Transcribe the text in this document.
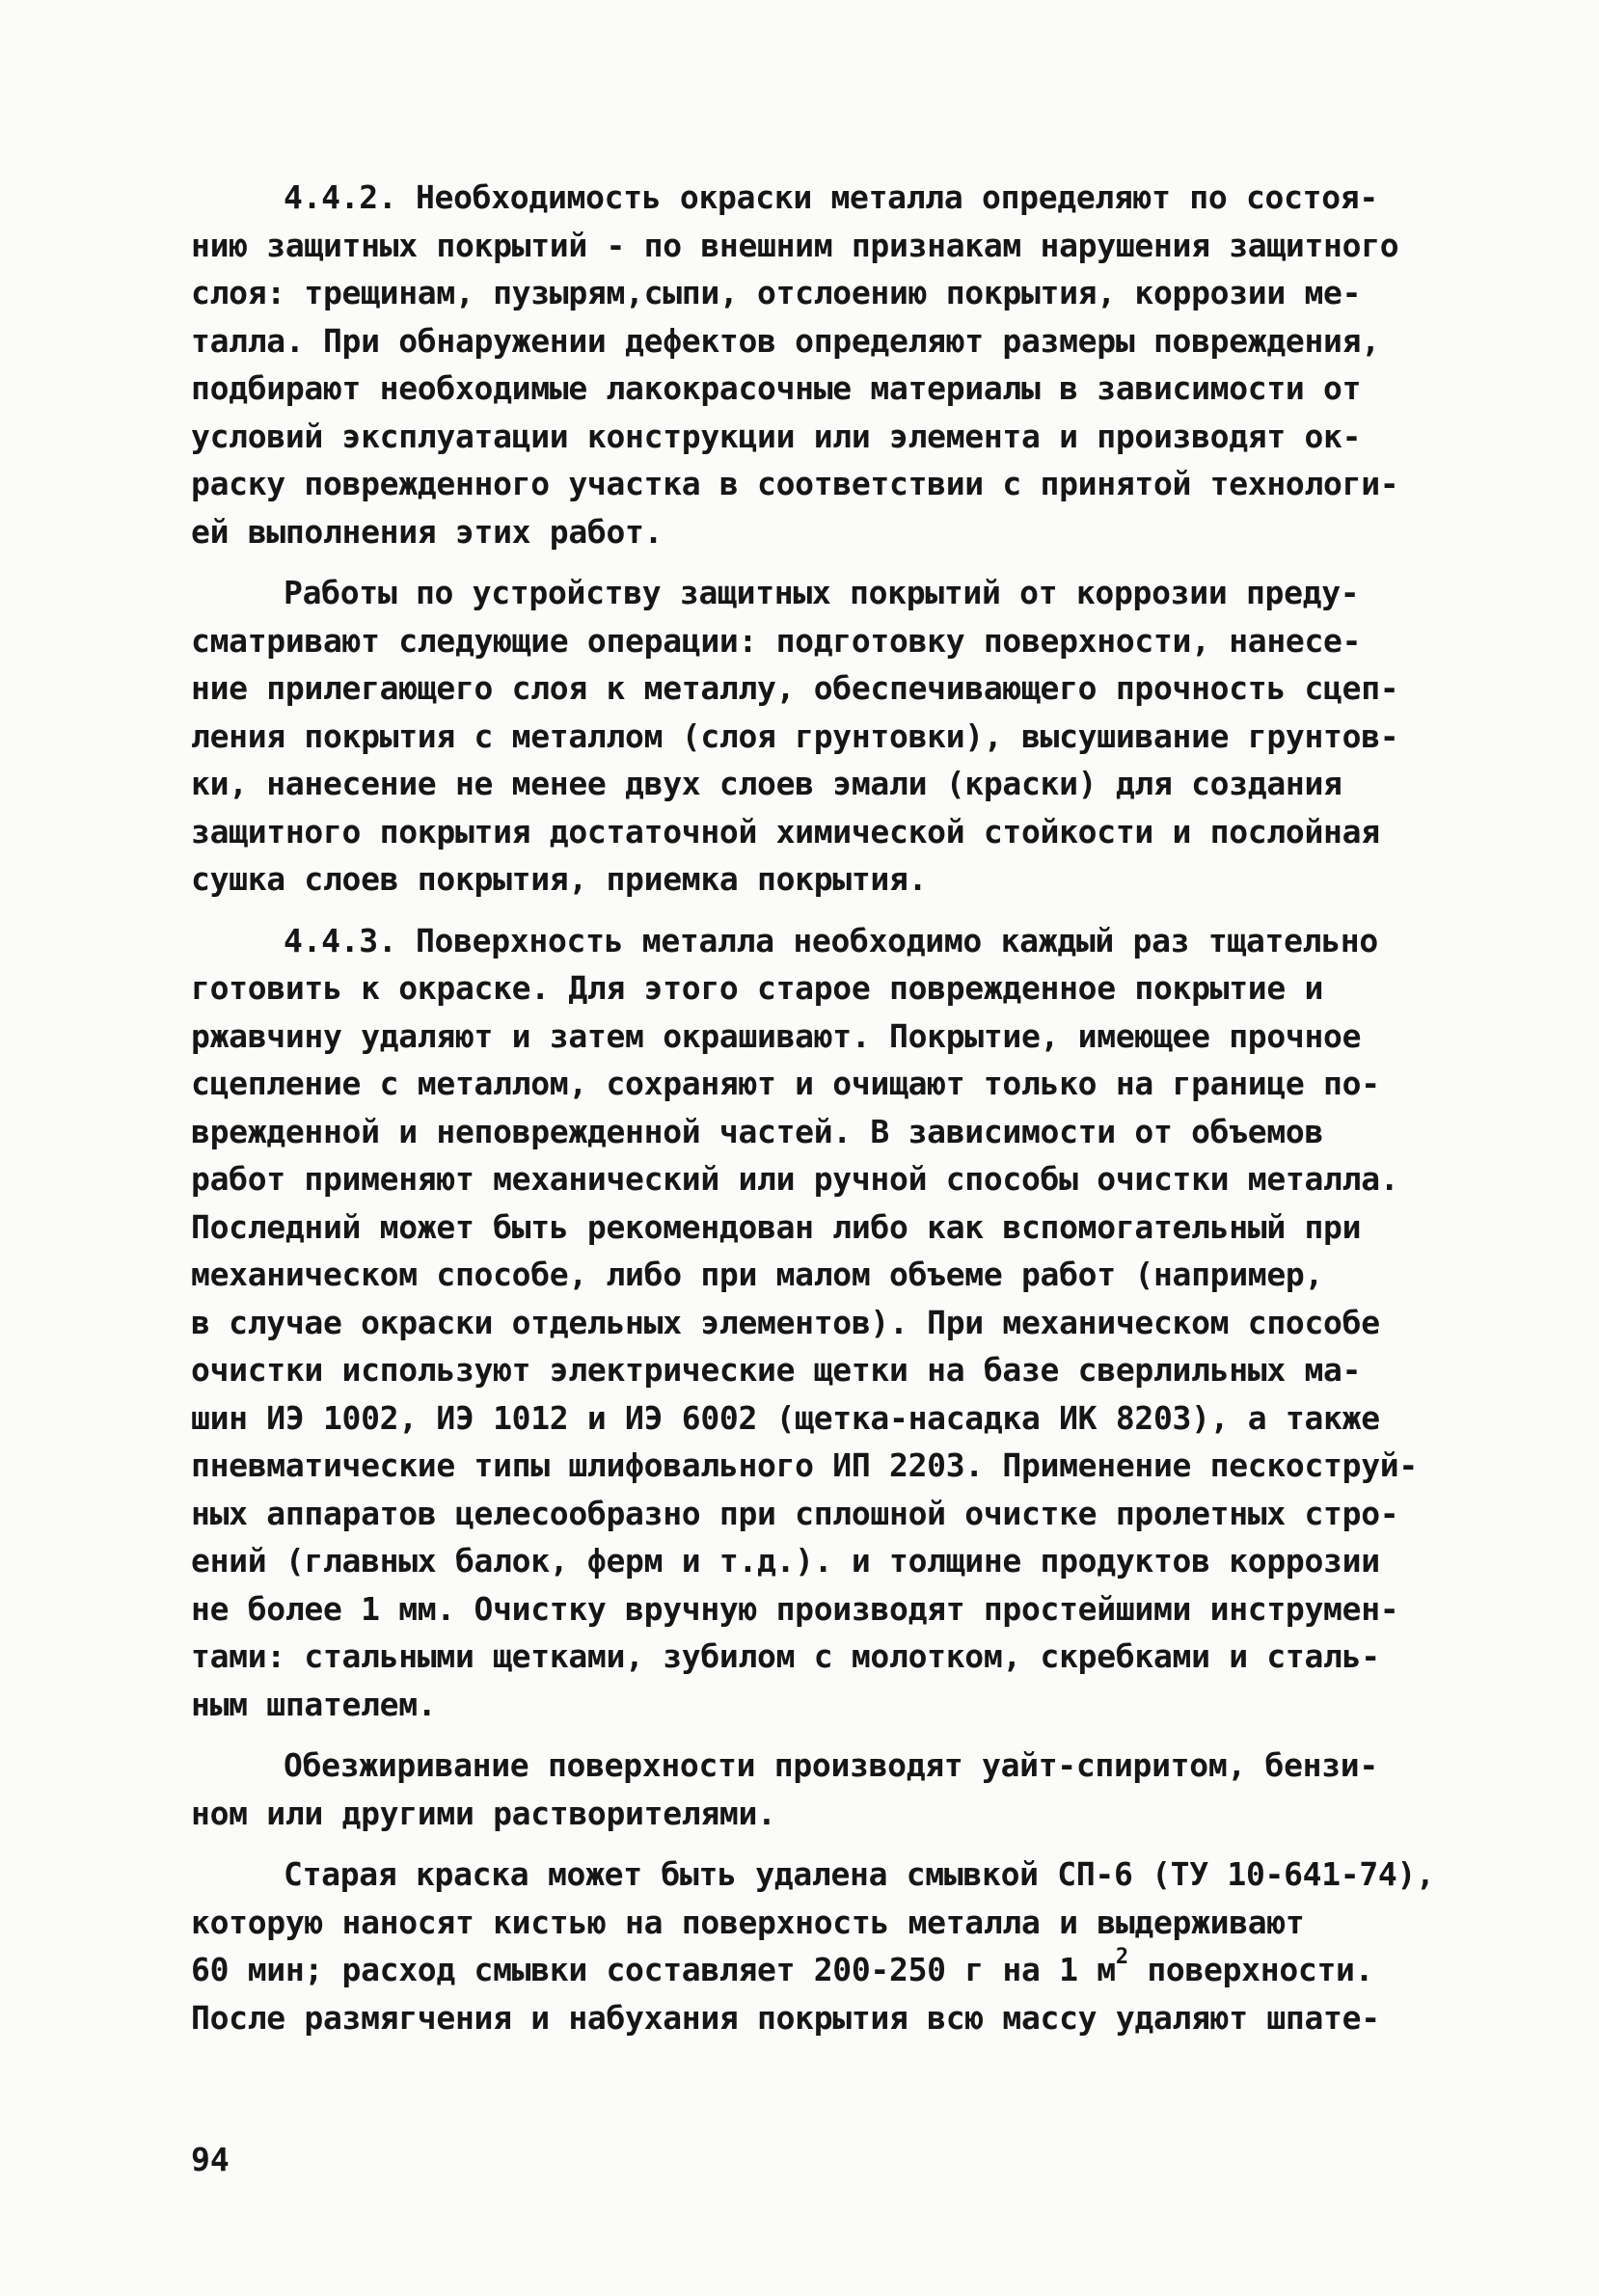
4.4.2. Необходимость окраски металла определяют по состоя-
нию защитных покрытий - по внешним признакам нарушения защитного
слоя: трещинам, пузырям,сыпи, отслоению покрытия, коррозии ме-
талла. При обнаружении дефектов определяют размеры повреждения,
подбирают необходимые лакокрасочные материалы в зависимости от
условий эксплуатации конструкции или элемента и производят ок-
раску поврежденного участка в соответствии с принятой технологи-
ей выполнения этих работ.
Работы по устройству защитных покрытий от коррозии преду-
сматривают следующие операции: подготовку поверхности, нанесе-
ние прилегающего слоя к металлу, обеспечивающего прочность сцеп-
ления покрытия с металлом (слоя грунтовки), высушивание грунтов-
ки, нанесение не менее двух слоев эмали (краски) для создания
защитного покрытия достаточной химической стойкости и послойная
сушка слоев покрытия, приемка покрытия.
4.4.3. Поверхность металла необходимо каждый раз тщательно
готовить к окраске. Для этого старое поврежденное покрытие и
ржавчину удаляют и затем окрашивают. Покрытие, имеющее прочное
сцепление с металлом, сохраняют и очищают только на границе по-
врежденной и неповрежденной частей. В зависимости от объемов
работ применяют механический или ручной способы очистки металла.
Последний может быть рекомендован либо как вспомогательный при
механическом способе, либо при малом объеме работ (например,
в случае окраски отдельных элементов). При механическом способе
очистки используют электрические щетки на базе сверлильных ма-
шин ИЭ 1002, ИЭ 1012 и ИЭ 6002 (щетка-насадка ИК 8203), а также
пневматические типы шлифовального ИП 2203. Применение пескоструй-
ных аппаратов целесообразно при сплошной очистке пролетных стро-
ений (главных балок, ферм и т.д.). и толщине продуктов коррозии
не более 1 мм. Очистку вручную производят простейшими инструмен-
тами: стальными щетками, зубилом с молотком, скребками и сталь-
ным шпателем.
Обезжиривание поверхности производят уайт-спиритом, бензи-
ном или другими растворителями.
Старая краска может быть удалена смывкой СП-6 (ТУ 10-641-74),
которую наносят кистью на поверхность металла и выдерживают
60 мин; расход смывки составляет 200-250 г на 1 $м^2$ поверхности.
После размягчения и набухания покрытия всю массу удаляют шпате-
94
